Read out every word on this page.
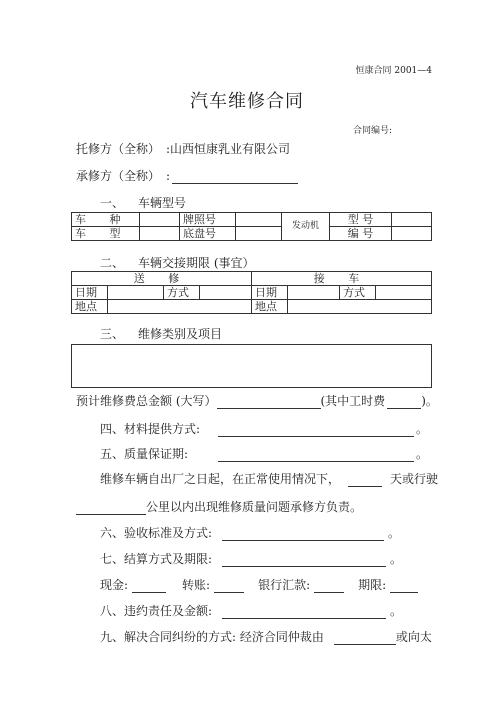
恒康合同 2001—4
汽车维修合同
合同编号:
托修方（全称） :山西恒康乳业有限公司
承修方（全称） :
一、 车辆型号
车 种		牌照号		发动机	型 号	
车 型		底盘号			编 号	
二、 车辆交接期限 (事宜）
送 修				接 车			
日期		方式		日期		方式	
地点				地点			
三、 维修类别及项目
预计维修费总金额 (大写）	(其中工时费	)。
四、材料提供方式:	。
五、质量保证期:	。
维修车辆自出厂之日起，在正常使用情况下，	天或行驶
公里以内出现维修质量问题承修方负责。
六、验收标准及方式:	。
七、结算方式及期限:	。
现金:	转账:	银行汇款:	期限:
八、违约责任及金额:	。
九、解决合同纠纷的方式: 经济合同仲裁由	或向太
